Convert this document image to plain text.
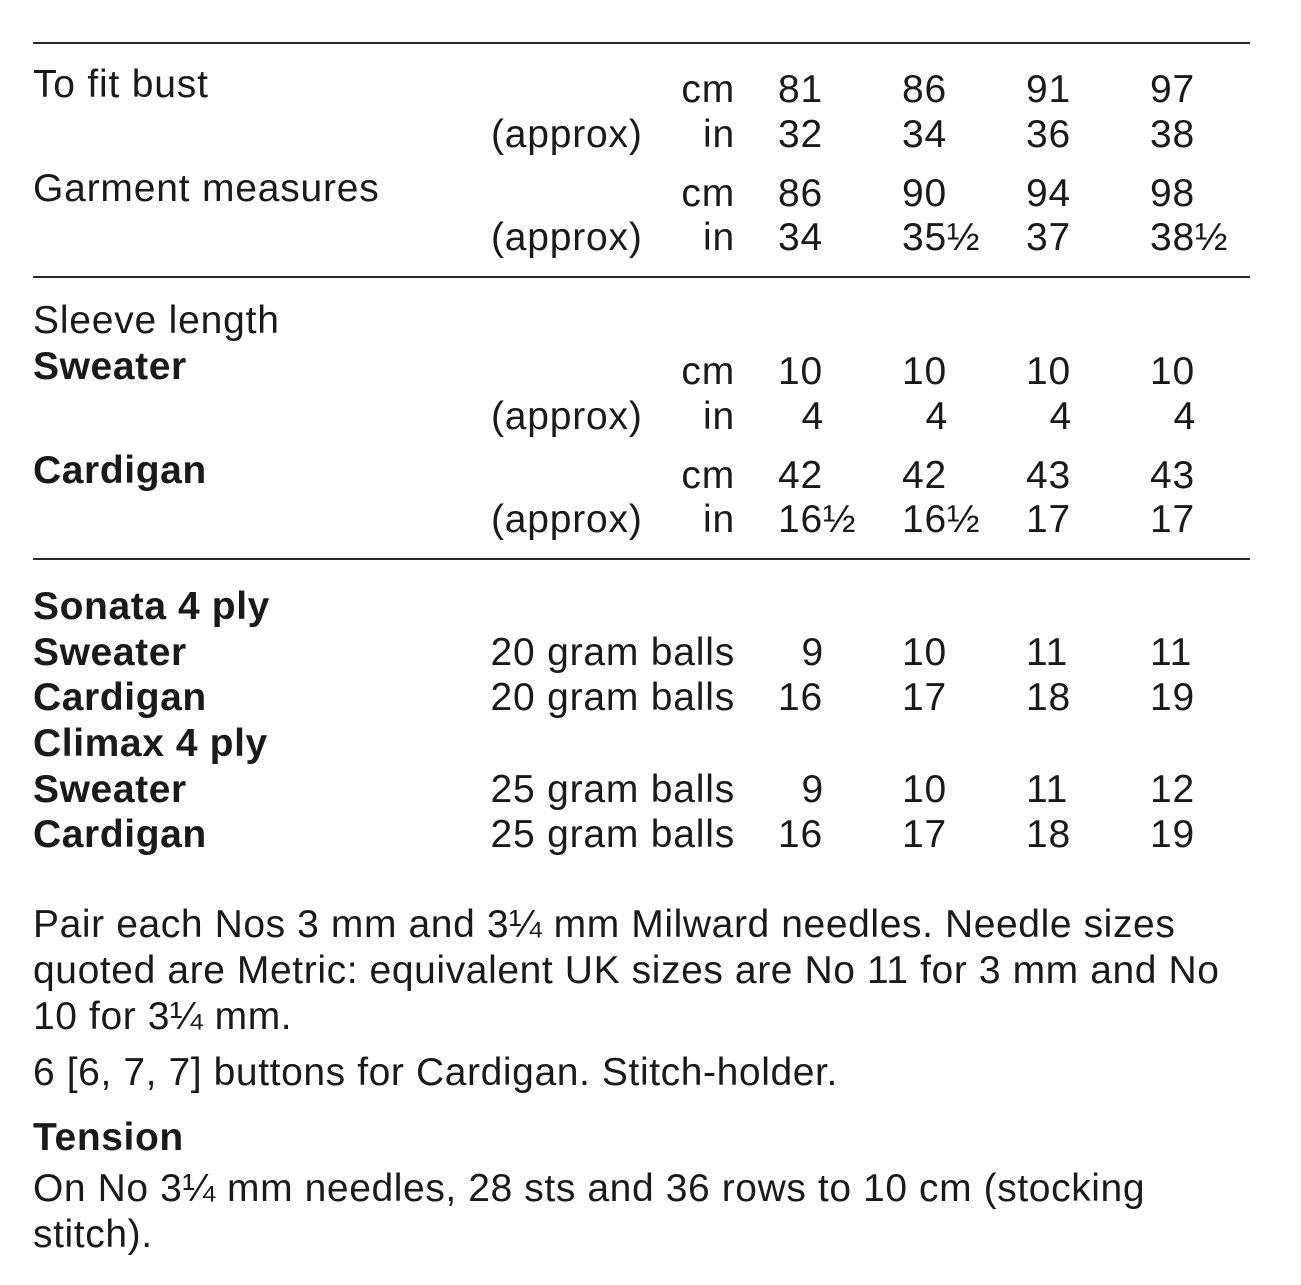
To fit bust	cm 81 86 91 97
(approx)	in 32 34 36 38
Garment measures	cm 86 90 94 98
(approx)	in 34 35½ 37 38½
Sleeve length
Sweater	cm 10 10 10 10
(approx)	in	4	4	4	4
Cardigan	cm 42 42 43 43
(approx)	in 16½ 16½ 17 17
Sonata 4 ply
Sweater	20 gram balls	9 10 11 11
Cardigan	20 gram balls 16 17 18 19
Climax 4 ply
Sweater	25 gram balls	9 10 11 12
Cardigan	25 gram balls 16 17 18 19
Pair each Nos 3 mm and 3¼ mm Milward needles. Needle sizes quoted are Metric: equivalent UK sizes are No 11 for 3 mm and No 10 for 3¼ mm.
6 [6, 7, 7] buttons for Cardigan. Stitch-holder.
Tension
On No 3¼ mm needles, 28 sts and 36 rows to 10 cm (stocking stitch).
